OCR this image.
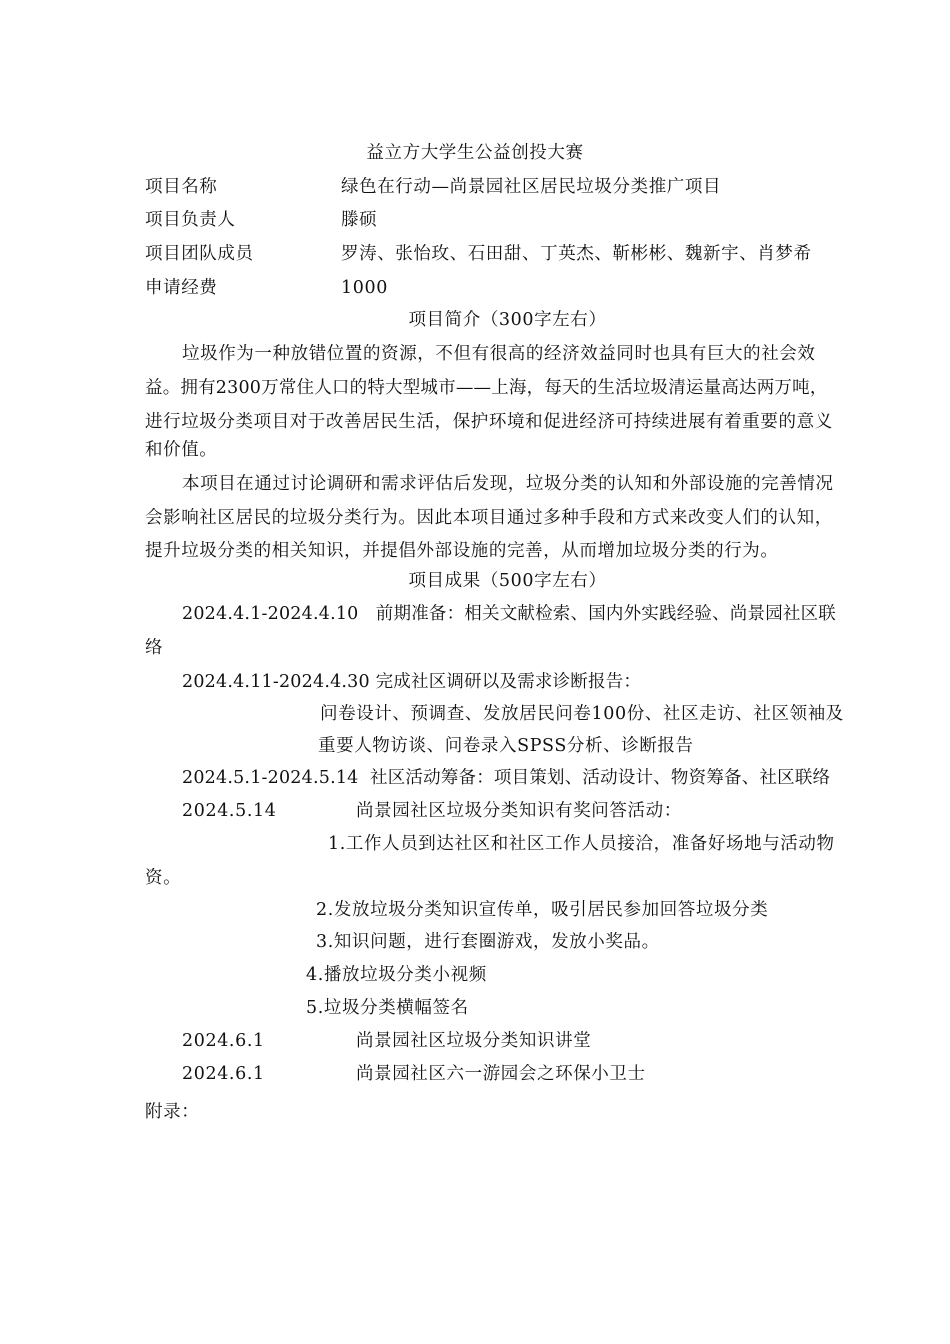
益立方大学生公益创投大赛
项目名称	绿色在行动—尚景园社区居民垃圾分类推广项目
项目负责人	滕硕
项目团队成员	罗涛、张怡玫、石田甜、丁英杰、靳彬彬、魏新宇、肖梦希
申请经费	1000
项目简介（300字左右）
垃圾作为一种放错位置的资源，不但有很高的经济效益同时也具有巨大的社会效
益。拥有2300万常住人口的特大型城市——上海，每天的生活垃圾清运量高达两万吨，
进行垃圾分类项目对于改善居民生活，保护环境和促进经济可持续进展有着重要的意义
和价值。
本项目在通过讨论调研和需求评估后发现，垃圾分类的认知和外部设施的完善情况
会影响社区居民的垃圾分类行为。因此本项目通过多种手段和方式来改变人们的认知，
提升垃圾分类的相关知识，并提倡外部设施的完善，从而增加垃圾分类的行为。
项目成果（500字左右）
2024.4.1-2024.4.10   前期准备：相关文献检索、国内外实践经验、尚景园社区联
络
2024.4.11-2024.4.30 完成社区调研以及需求诊断报告：
问卷设计、预调查、发放居民问卷100份、社区走访、社区领袖及
重要人物访谈、问卷录入SPSS分析、诊断报告
2024.5.1-2024.5.14  社区活动筹备：项目策划、活动设计、物资筹备、社区联络
2024.5.14	尚景园社区垃圾分类知识有奖问答活动：
1.工作人员到达社区和社区工作人员接洽，准备好场地与活动物
资。
2.发放垃圾分类知识宣传单，吸引居民参加回答垃圾分类
3.知识问题，进行套圈游戏，发放小奖品。
4.播放垃圾分类小视频
5.垃圾分类横幅签名
2024.6.1	尚景园社区垃圾分类知识讲堂
2024.6.1	尚景园社区六一游园会之环保小卫士
附录：
